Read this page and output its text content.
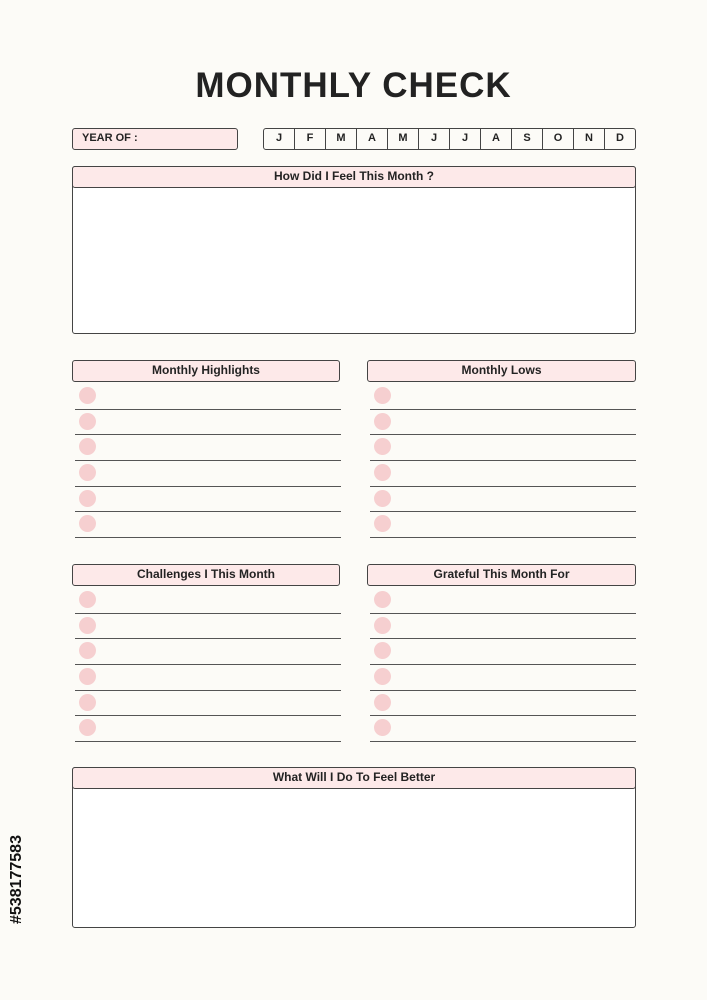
MONTHLY CHECK
YEAR OF :	J	F	M	A	M	J	J	A	S	O	N	D
How Did I Feel This Month ?
Monthly Highlights	Monthly Lows
Challenges I This Month	Grateful This Month For
What Will I Do To Feel Better
#538177583
